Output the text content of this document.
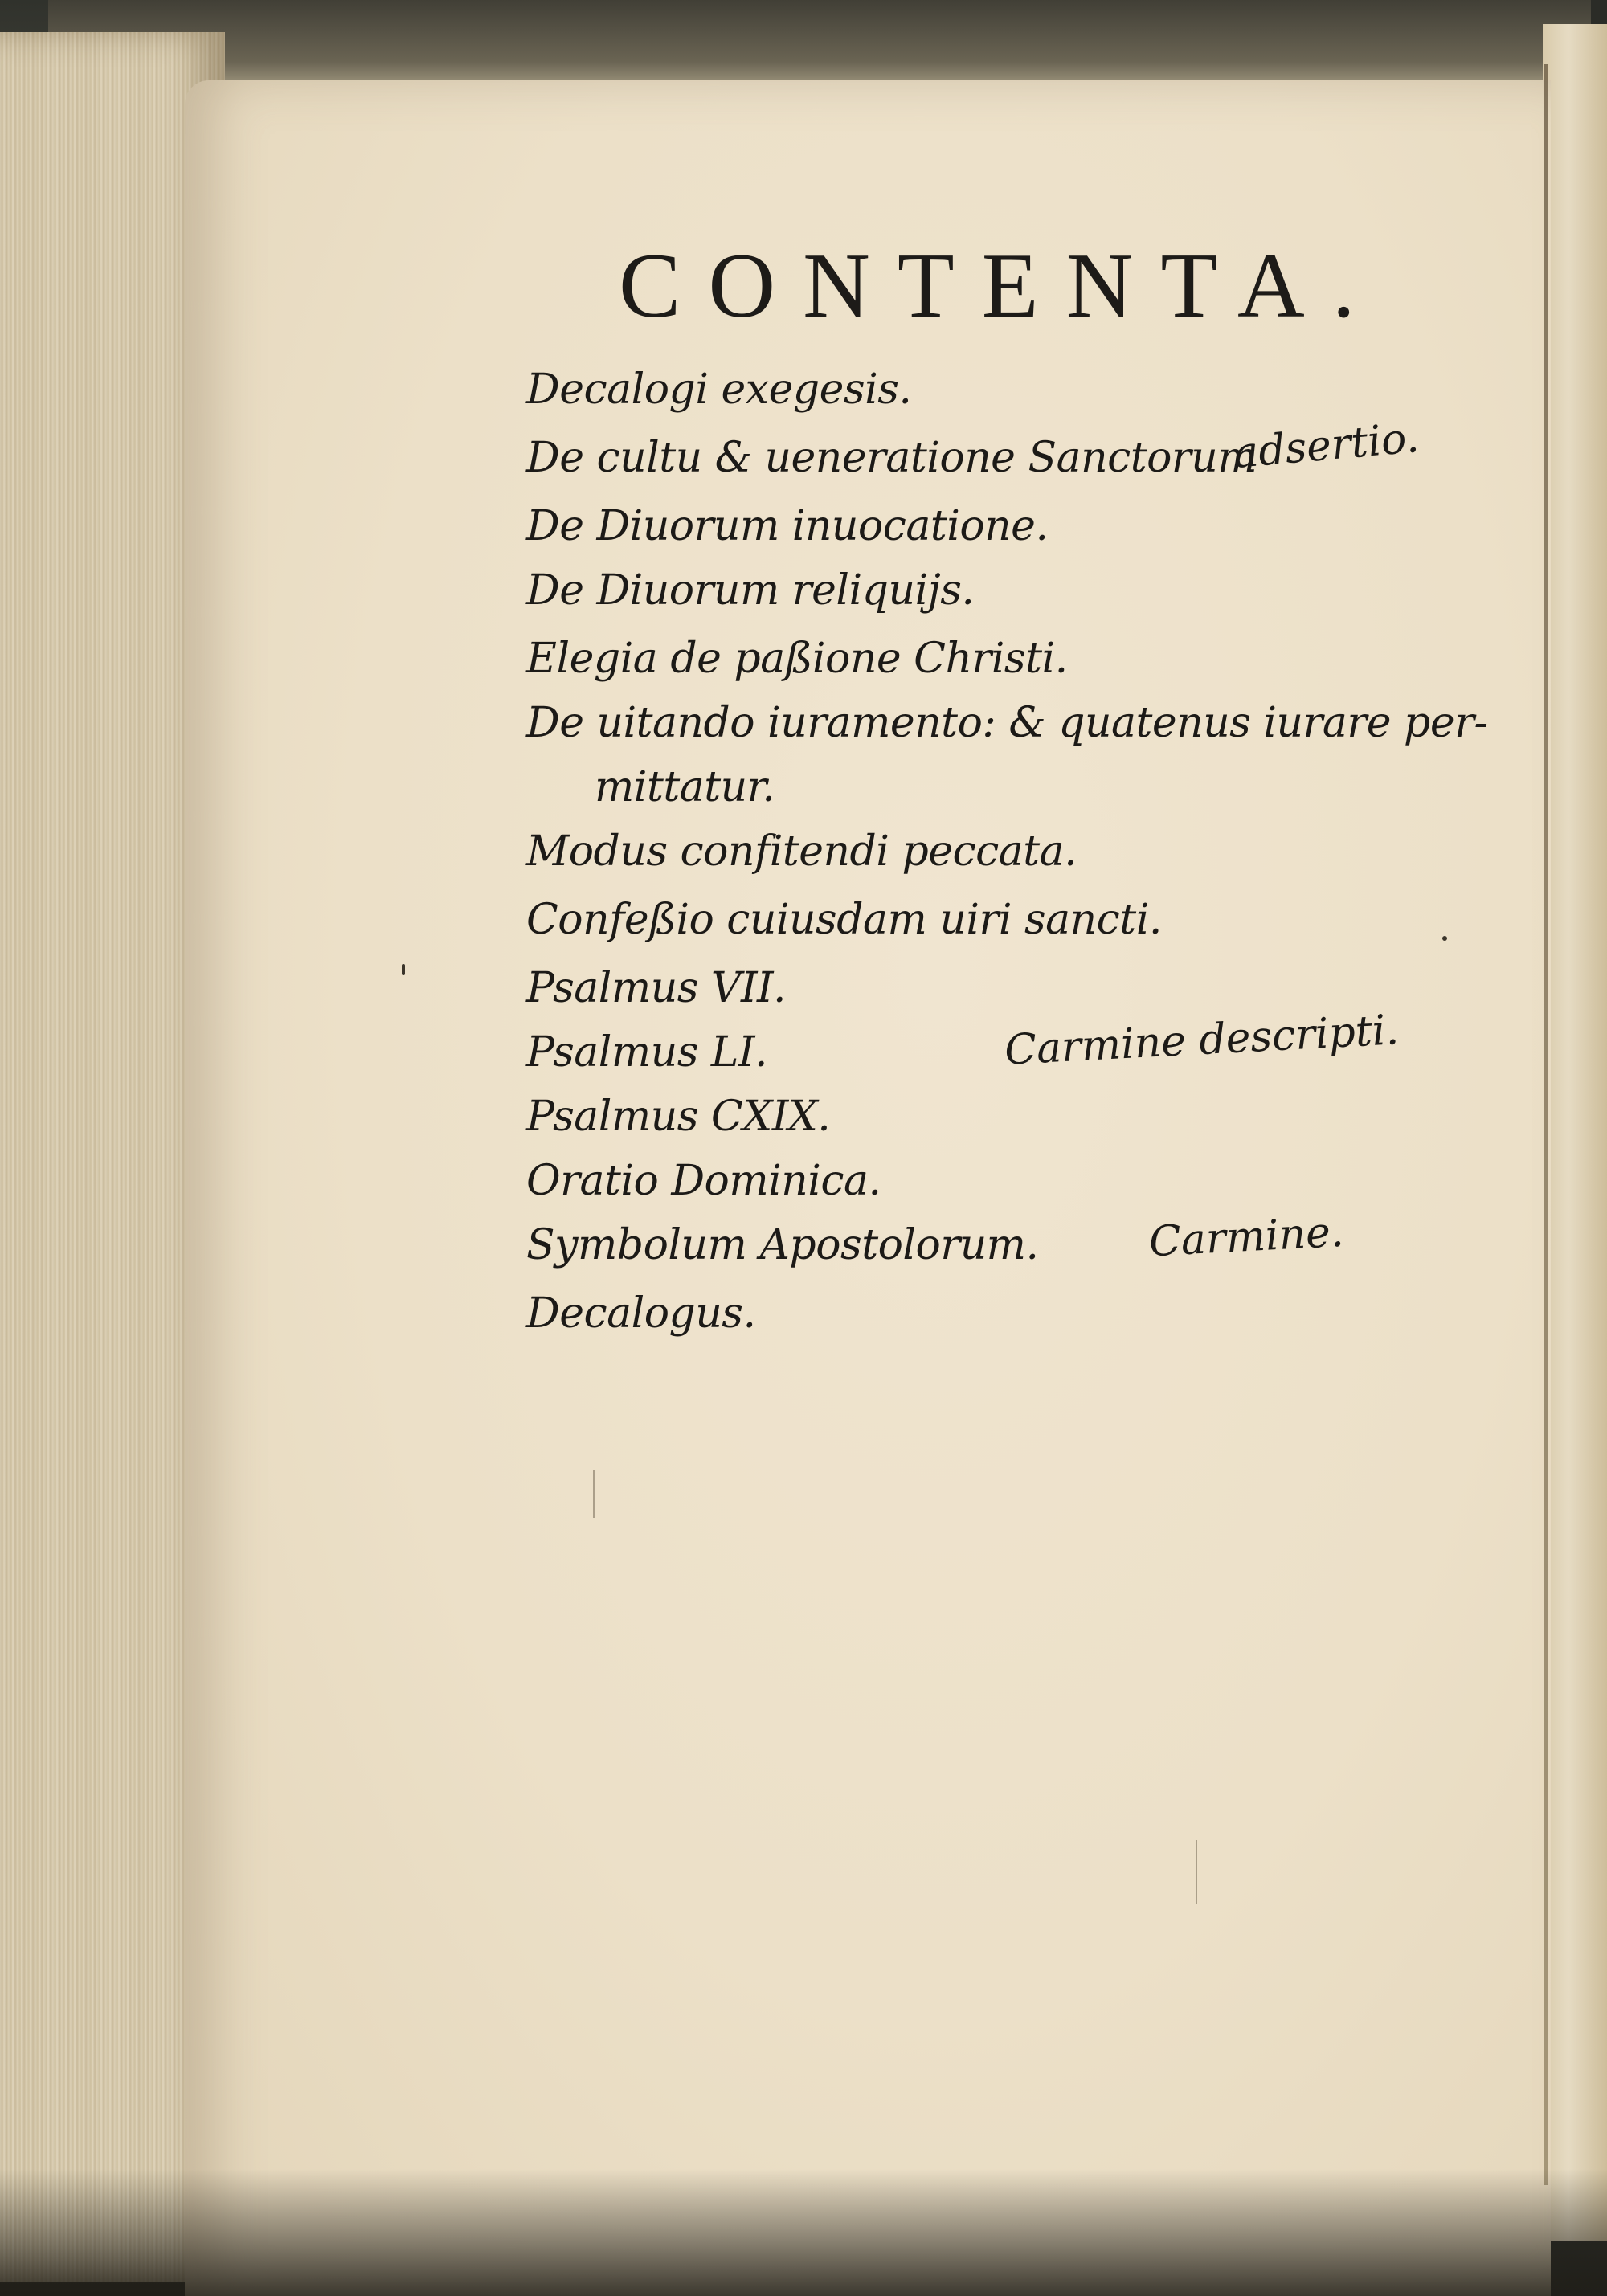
CONTENTA.
Decalogi exegesis.
De cultu & ueneratione Sanctorum
De Diuorum inuocatione.
De Diuorum reliquijs.
Elegia de paßione Christi.
De uitando iuramento: & quatenus iurare per-
mittatur.
Modus confitendi peccata.
Confeßio cuiusdam uiri sancti.
Psalmus VII.
Psalmus LI.
Psalmus CXIX.
Oratio Dominica.
Symbolum Apostolorum.
Decalogus.
adsertio.
Carmine descripti.
Carmine.
